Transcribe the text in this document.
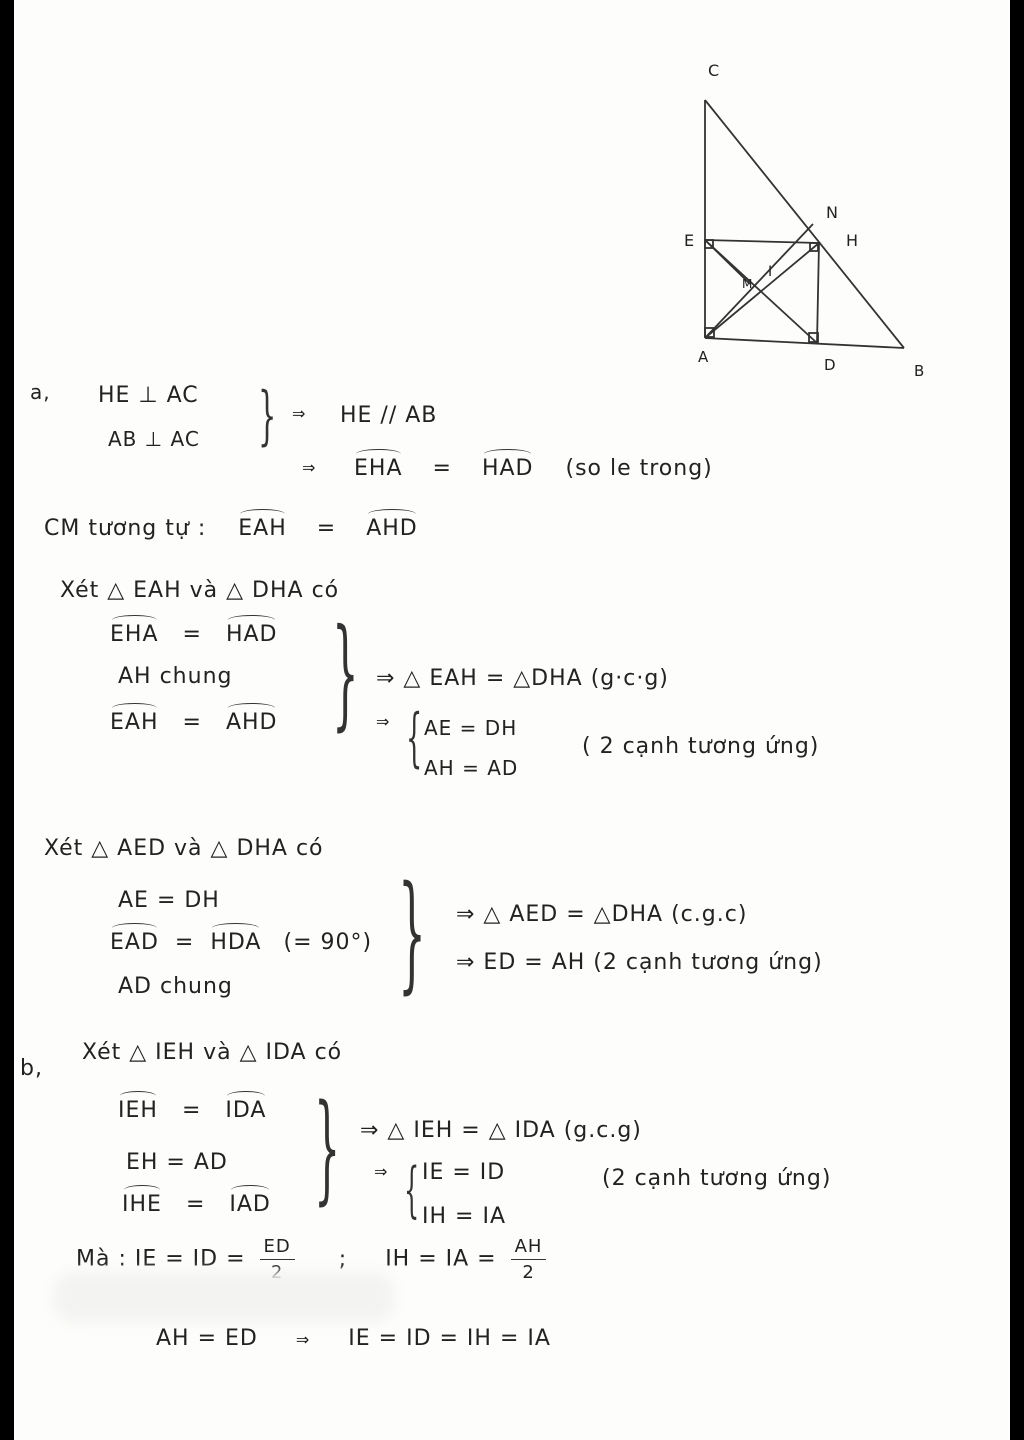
C
N
H
E
I
M
A	D	B
a, HE ⊥ AC
AB ⊥ AC } ⇒ HE // AB
⇒ EHA = HAD (so le trong)
CM tương tự : EAH = AHD
Xét △ EAH và △ DHA có
EHA = HAD
AH chung
EAH = AHD } ⇒ △ EAH = △DHA (g·c·g)
⇒ { AE = DH
AH = AD
( 2 cạnh tương ứng)
Xét △ AED và △ DHA có
AE = DH
EAD = HDA (= 90°)
AD chung } ⇒ △ AED = △DHA (c.g.c)
⇒ ED = AH (2 cạnh tương ứng)
b,
Xét △ IEH và △ IDA có
IEH = IDA
EH = AD
IHE = IAD } ⇒ △ IEH = △ IDA (g.c.g)
⇒ { IE = ID
IH = IA
(2 cạnh tương ứng)
Mà : IE = ID = ED ; IH = IA = $\frac{AH}{2}$
AH = ED ⇒ IE = ID = IH = IA
